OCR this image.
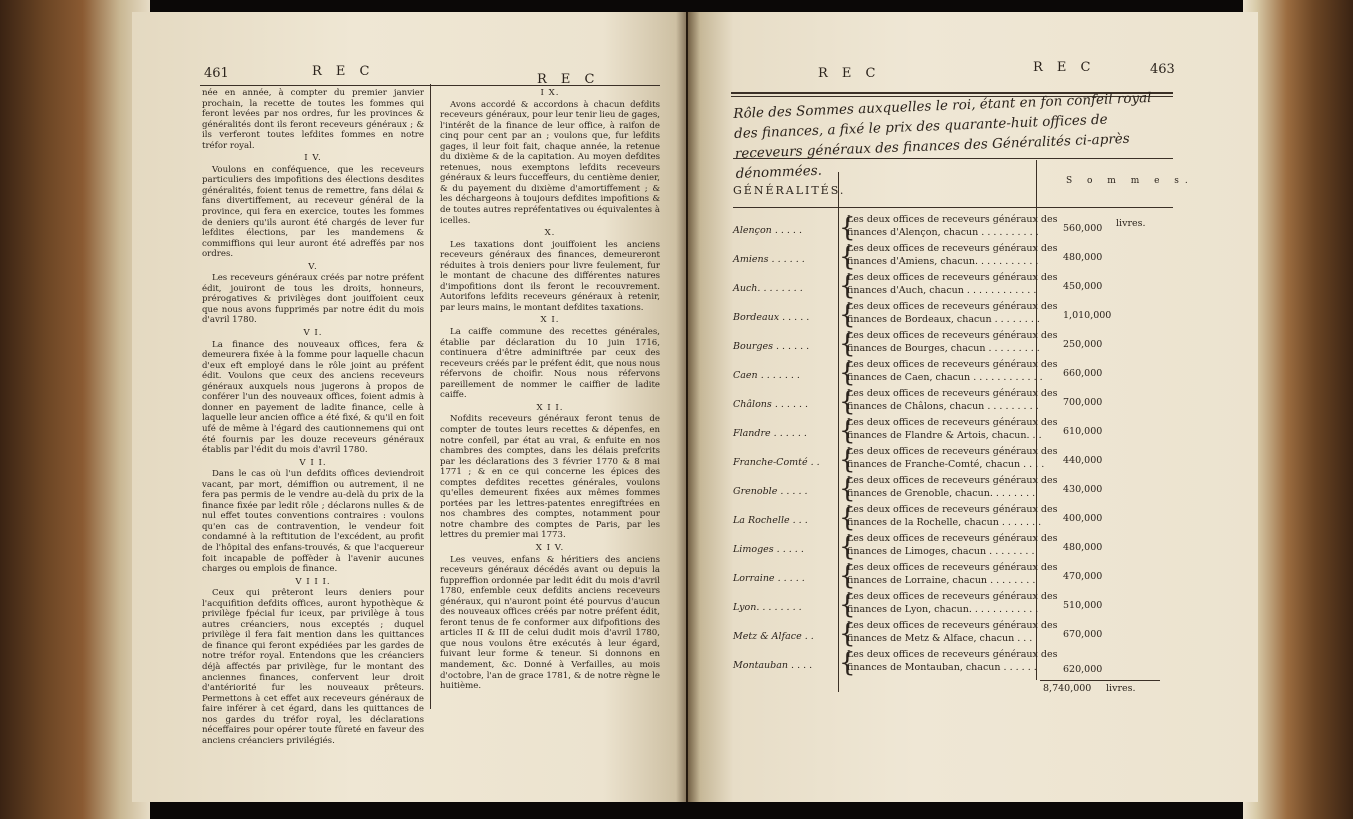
461	R E C
R E C

née en année, à compter du premier janvier prochain, la recette de toutes les fommes qui feront levées par nos ordres, fur les provinces & généralités dont ils feront receveurs généraux ; & ils verferont toutes lefdites fommes en notre tréfor royal.

I V.

Voulons en conféquence, que les receveurs particuliers des impofitions des élections desdites généralités, foient tenus de remettre, fans délai & fans divertiffement, au receveur général de la province, qui fera en exercice, toutes les fommes de deniers qu'ils auront été chargés de lever fur lefdites élections, par les mandemens & commiffions qui leur auront été adreffés par nos ordres.

V.

Les receveurs généraux créés par notre préfent édit, jouiront de tous les droits, honneurs, prérogatives & privilèges dont jouiffoient ceux que nous avons fupprimés par notre édit du mois d'avril 1780.

V I.

La finance des nouveaux offices, fera & demeurera fixée à la fomme pour laquelle chacun d'eux eft employé dans le rôle joint au préfent édit. Voulons que ceux des anciens receveurs généraux auxquels nous jugerons à propos de conférer l'un des nouveaux offices, foient admis à donner en payement de ladite finance, celle à laquelle leur ancien office a été fixé, & qu'il en foit ufé de même à l'égard des cautionnemens qui ont été fournis par les douze receveurs généraux établis par l'édit du mois d'avril 1780.

V I I.

Dans le cas où l'un defdits offices deviendroit vacant, par mort, démiffion ou autrement, il ne fera pas permis de le vendre au-delà du prix de la finance fixée par ledit rôle ; déclarons nulles & de nul effet toutes conventions contraires : voulons qu'en cas de contravention, le vendeur foit condamné à la reftitution de l'excédent, au profit de l'hôpital des enfans-trouvés, & que l'acquereur foit incapable de poffèder à l'avenir aucunes charges ou emplois de finance.

V I I I.

Ceux qui prêteront leurs deniers pour l'acquifition defdits offices, auront hypothèque & privilège fpécial fur iceux, par privilège à tous autres créanciers, nous exceptés ; duquel privilège il fera fait mention dans les quittances de finance qui feront expédiées par les gardes de notre tréfor royal. Entendons que les créanciers déjà affectés par privilège, fur le montant des anciennes finances, confervent leur droit d'antériorité fur les nouveaux prêteurs. Permettons à cet effet aux receveurs généraux de faire inférer à cet égard, dans les quittances de nos gardes du tréfor royal, les déclarations néceffaires pour opérer toute fûreté en faveur des anciens créanciers privilégiés.

I X.

Avons accordé & accordons à chacun defdits receveurs généraux, pour leur tenir lieu de gages, l'intérêt de la finance de leur office, à raifon de cinq pour cent par an ; voulons que, fur lefdits gages, il leur foit fait, chaque année, la retenue du dixième & de la capitation. Au moyen defdites retenues, nous exemptons lefdits receveurs généraux & leurs fucceffeurs, du centième denier, & du payement du dixième d'amortiffement ; & les déchargeons à toujours defdites impofitions & de toutes autres repréfentatives ou équivalentes à icelles.

X.

Les taxations dont jouiffoient les anciens receveurs généraux des finances, demeureront réduites à trois deniers pour livre feulement, fur le montant de chacune des différentes natures d'impofitions dont ils feront le recouvrement. Autorifons lefdits receveurs généraux à retenir, par leurs mains, le montant defdites taxations.

X I.

La caiffe commune des recettes générales, établie par déclaration du 10 juin 1716, continuera d'être adminiftrée par ceux des receveurs créés par le préfent édit, que nous nous réfervons de choifir. Nous nous réfervons pareillement de nommer le caiffier de ladite caiffe.

X I I.

Nofdits receveurs généraux feront tenus de compter de toutes leurs recettes & dépenfes, en notre confeil, par état au vrai, & enfuite en nos chambres des comptes, dans les délais prefcrits par les déclarations des 3 février 1770 & 8 mai 1771 ; & en ce qui concerne les épices des comptes defdites recettes générales, voulons qu'elles demeurent fixées aux mêmes fommes portées par les lettres-patentes enregiftrées en nos chambres des comptes, notamment pour notre chambre des comptes de Paris, par les lettres du premier mai 1773.

X I V.

Les veuves, enfans & héritiers des anciens receveurs généraux décédés avant ou depuis la fuppreffion ordonnée par ledit édit du mois d'avril 1780, enfemble ceux defdits anciens receveurs généraux, qui n'auront point été pourvus d'aucun des nouveaux offices créés par notre préfent édit, feront tenus de fe conformer aux difpofitions des articles II & III de celui dudit mois d'avril 1780, que nous voulons être exécutés à leur égard, fuivant leur forme & teneur. Si donnons en mandement, &c. Donné à Verfailles, au mois d'octobre, l'an de grace 1781, & de notre règne le huitième.

R E C	R E C	463
Rôle des Sommes auxquelles le roi, étant en fon confeil royal des finances, a fixé le prix des quarante-huit offices de receveurs généraux des finances des Généralités ci-après dénommées.
GÉNÉRALITÉS.
S o m m e s.
Alençon . . . . . {
Les deux offices de receveurs généraux des
finances d'Alençon, chacun . . . . . . . . . .	560,000 livres.
Amiens . . . . . . {
Les deux offices de receveurs généraux des
finances d'Amiens, chacun. . . . . . . . . . .	480,000
Auch. . . . . . . . {
Les deux offices de receveurs généraux des
finances d'Auch, chacun . . . . . . . . . . . .	450,000
Bordeaux . . . . . {
Les deux offices de receveurs généraux des
finances de Bordeaux, chacun . . . . . . . . 1,010,000
Bourges . . . . . . {
Les deux offices de receveurs généraux des
finances de Bourges, chacun . . . . . . . . . 250,000
Caen . . . . . . . {
Les deux offices de receveurs généraux des
finances de Caen, chacun . . . . . . . . . . . . 660,000
Châlons . . . . . . {
Les deux offices de receveurs généraux des
finances de Châlons, chacun . . . . . . . . .	700,000
Flandre . . . . . . {
Les deux offices de receveurs généraux des
finances de Flandre & Artois, chacun. . . 610,000
Franche-Comté . . {
Les deux offices de receveurs généraux des
finances de Franche-Comté, chacun . . . . 440,000
Grenoble . . . . . {
Les deux offices de receveurs généraux des
finances de Grenoble, chacun. . . . . . . .	430,000
La Rochelle . . . {
Les deux offices de receveurs généraux des
finances de la Rochelle, chacun . . . . . . . 400,000
Limoges . . . . . {
Les deux offices de receveurs généraux des
finances de Limoges, chacun . . . . . . . .	480,000
Lorraine . . . . . {
Les deux offices de receveurs généraux des
finances de Lorraine, chacun . . . . . . . .	470,000
Lyon. . . . . . . . {
Les deux offices de receveurs généraux des
finances de Lyon, chacun. . . . . . . . . . . .	510,000
Metz & Alface . . {
Les deux offices de receveurs généraux des
finances de Metz & Alface, chacun . . .	670,000
Montauban . . . . {
Les deux offices de receveurs généraux des
finances de Montauban, chacun . . . . . .	620,000
8,740,000 livres.
